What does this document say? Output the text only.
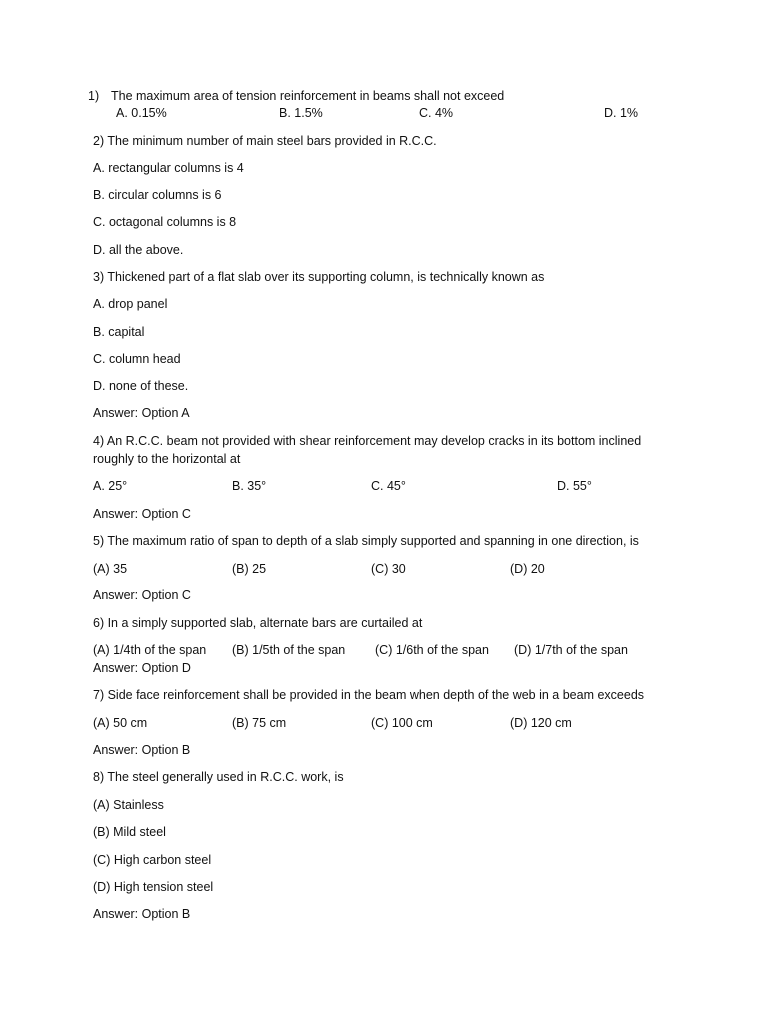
1) The maximum area of tension reinforcement in beams shall not exceed
A. 0.15%	B. 1.5%	C. 4%	D. 1%
2) The minimum number of main steel bars provided in R.C.C.
A. rectangular columns is 4
B. circular columns is 6
C. octagonal columns is 8
D. all the above.
3) Thickened part of a flat slab over its supporting column, is technically known as
A. drop panel
B. capital
C. column head
D. none of these.
Answer: Option A
4) An R.C.C. beam not provided with shear reinforcement may develop cracks in its bottom inclined
roughly to the horizontal at
A. 25°	B. 35°	C. 45°	D. 55°
Answer: Option C
5) The maximum ratio of span to depth of a slab simply supported and spanning in one direction, is
(A) 35	(B) 25	(C) 30	(D) 20
Answer: Option C
6) In a simply supported slab, alternate bars are curtailed at
(A) 1/4th of the span (B) 1/5th of the span (C) 1/6th of the span (D) 1/7th of the span
Answer: Option D
7) Side face reinforcement shall be provided in the beam when depth of the web in a beam exceeds
(A) 50 cm	(B) 75 cm	(C) 100 cm	(D) 120 cm
Answer: Option B
8) The steel generally used in R.C.C. work, is
(A) Stainless
(B) Mild steel
(C) High carbon steel
(D) High tension steel
Answer: Option B
